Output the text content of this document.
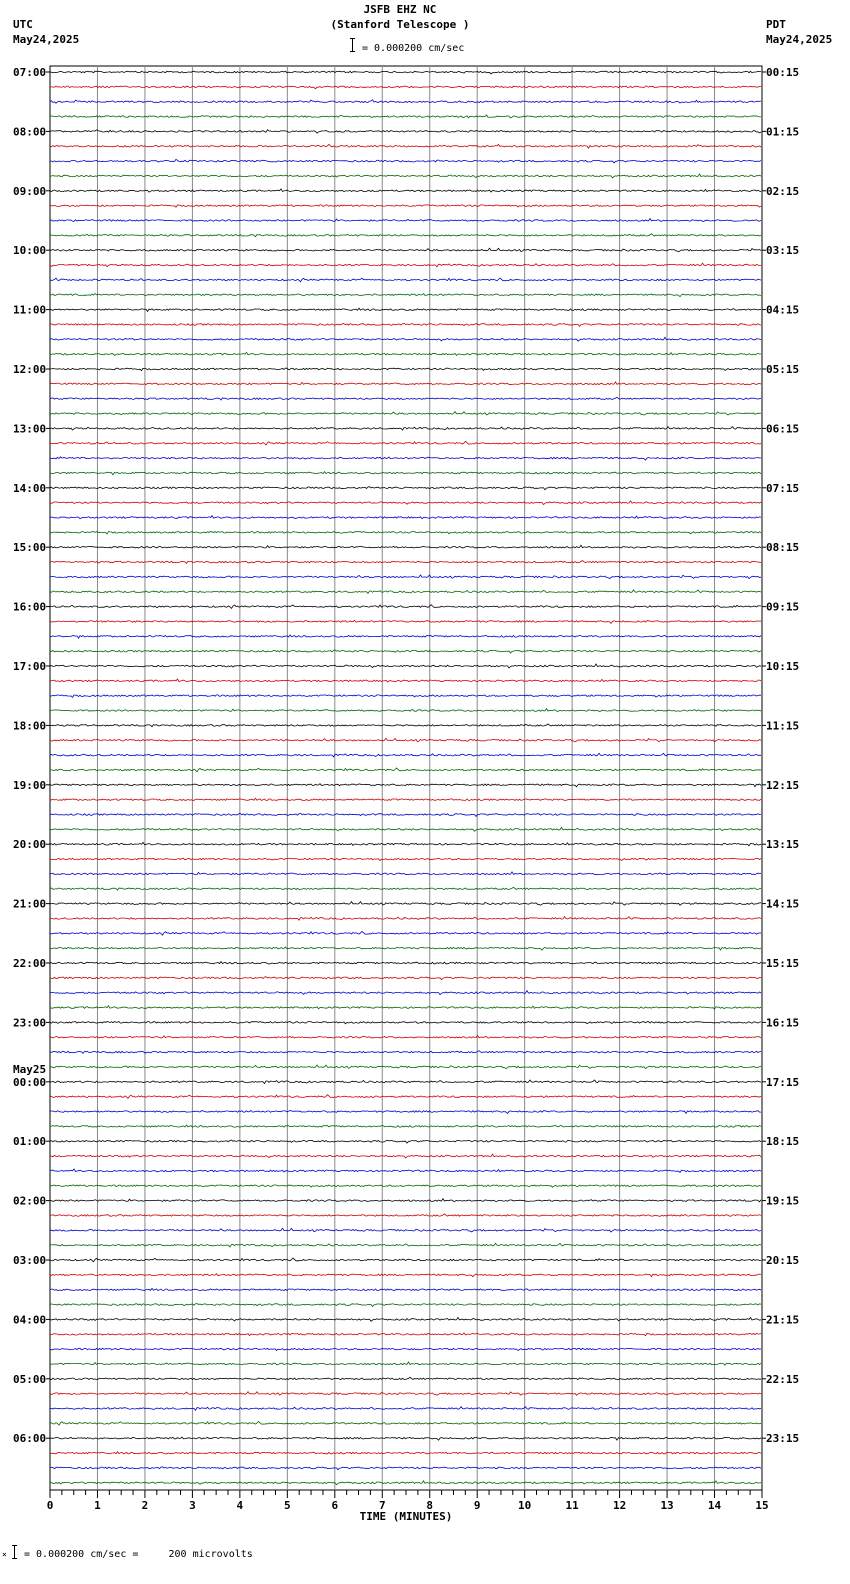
JSFB EHZ NC
(Stanford Telescope )
UTC
May24,2025
PDT
May24,2025
= 0.000200 cm/sec
07:00
08:00
09:00
10:00
11:00
12:00
13:00
14:00
15:00
16:00
17:00
18:00
19:00
20:00
21:00
22:00
23:00
00:00
01:00
02:00
03:00
04:00
05:00
06:00
00:15
01:15
02:15
03:15
04:15
05:15
06:15
07:15
08:15
09:15
10:15
11:15
12:15
13:15
14:15
15:15
16:15
17:15
18:15
19:15
20:15
21:15
22:15
23:15
May25
0	1	2	3	4	5	6	7	8	9	10	11	12	13	14	15
TIME (MINUTES)
× = 0.000200 cm/sec =     200 microvolts
